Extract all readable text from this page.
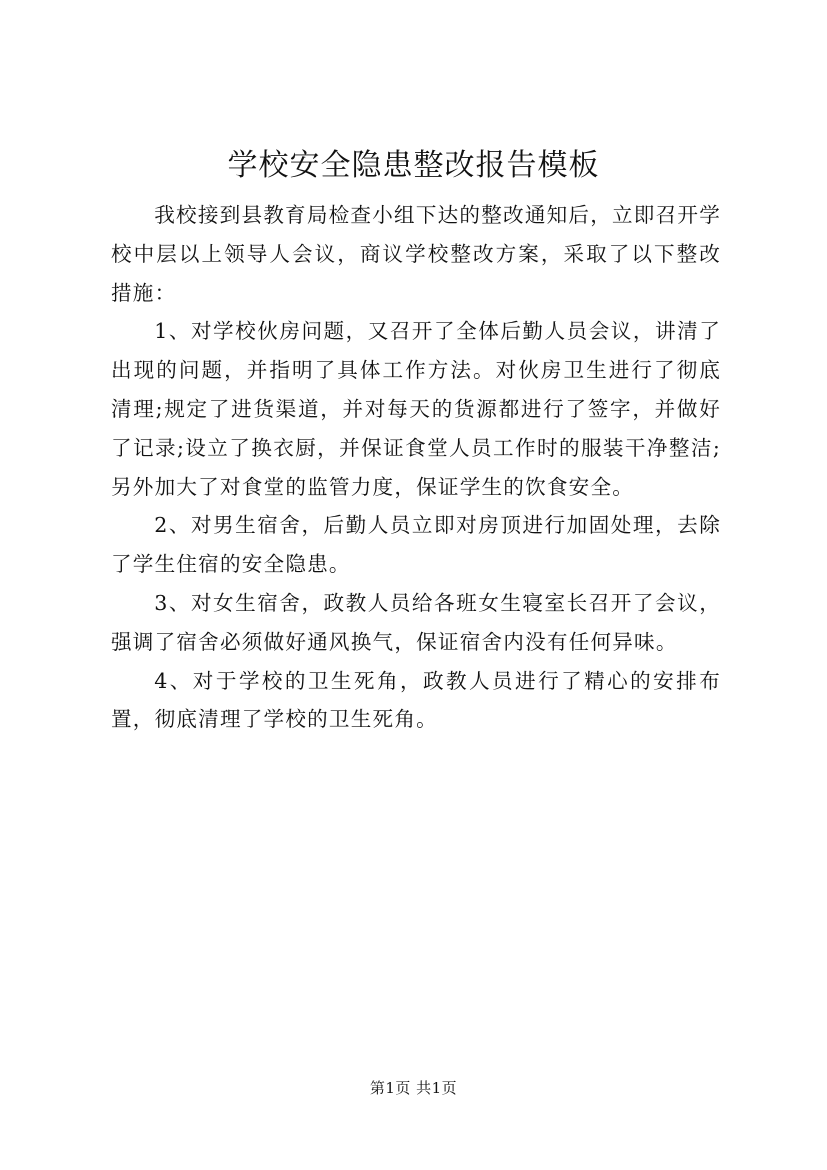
学校安全隐患整改报告模板

我校接到县教育局检查小组下达的整改通知后，立即召开学校中层以上领导人会议，商议学校整改方案，采取了以下整改措施：

1、对学校伙房问题，又召开了全体后勤人员会议，讲清了出现的问题，并指明了具体工作方法。对伙房卫生进行了彻底清理;规定了进货渠道，并对每天的货源都进行了签字，并做好了记录;设立了换衣厨，并保证食堂人员工作时的服装干净整洁;另外加大了对食堂的监管力度，保证学生的饮食安全。

2、对男生宿舍，后勤人员立即对房顶进行加固处理，去除了学生住宿的安全隐患。

3、对女生宿舍，政教人员给各班女生寝室长召开了会议，强调了宿舍必须做好通风换气，保证宿舍内没有任何异味。

4、对于学校的卫生死角，政教人员进行了精心的安排布置，彻底清理了学校的卫生死角。

第1页 共1页
